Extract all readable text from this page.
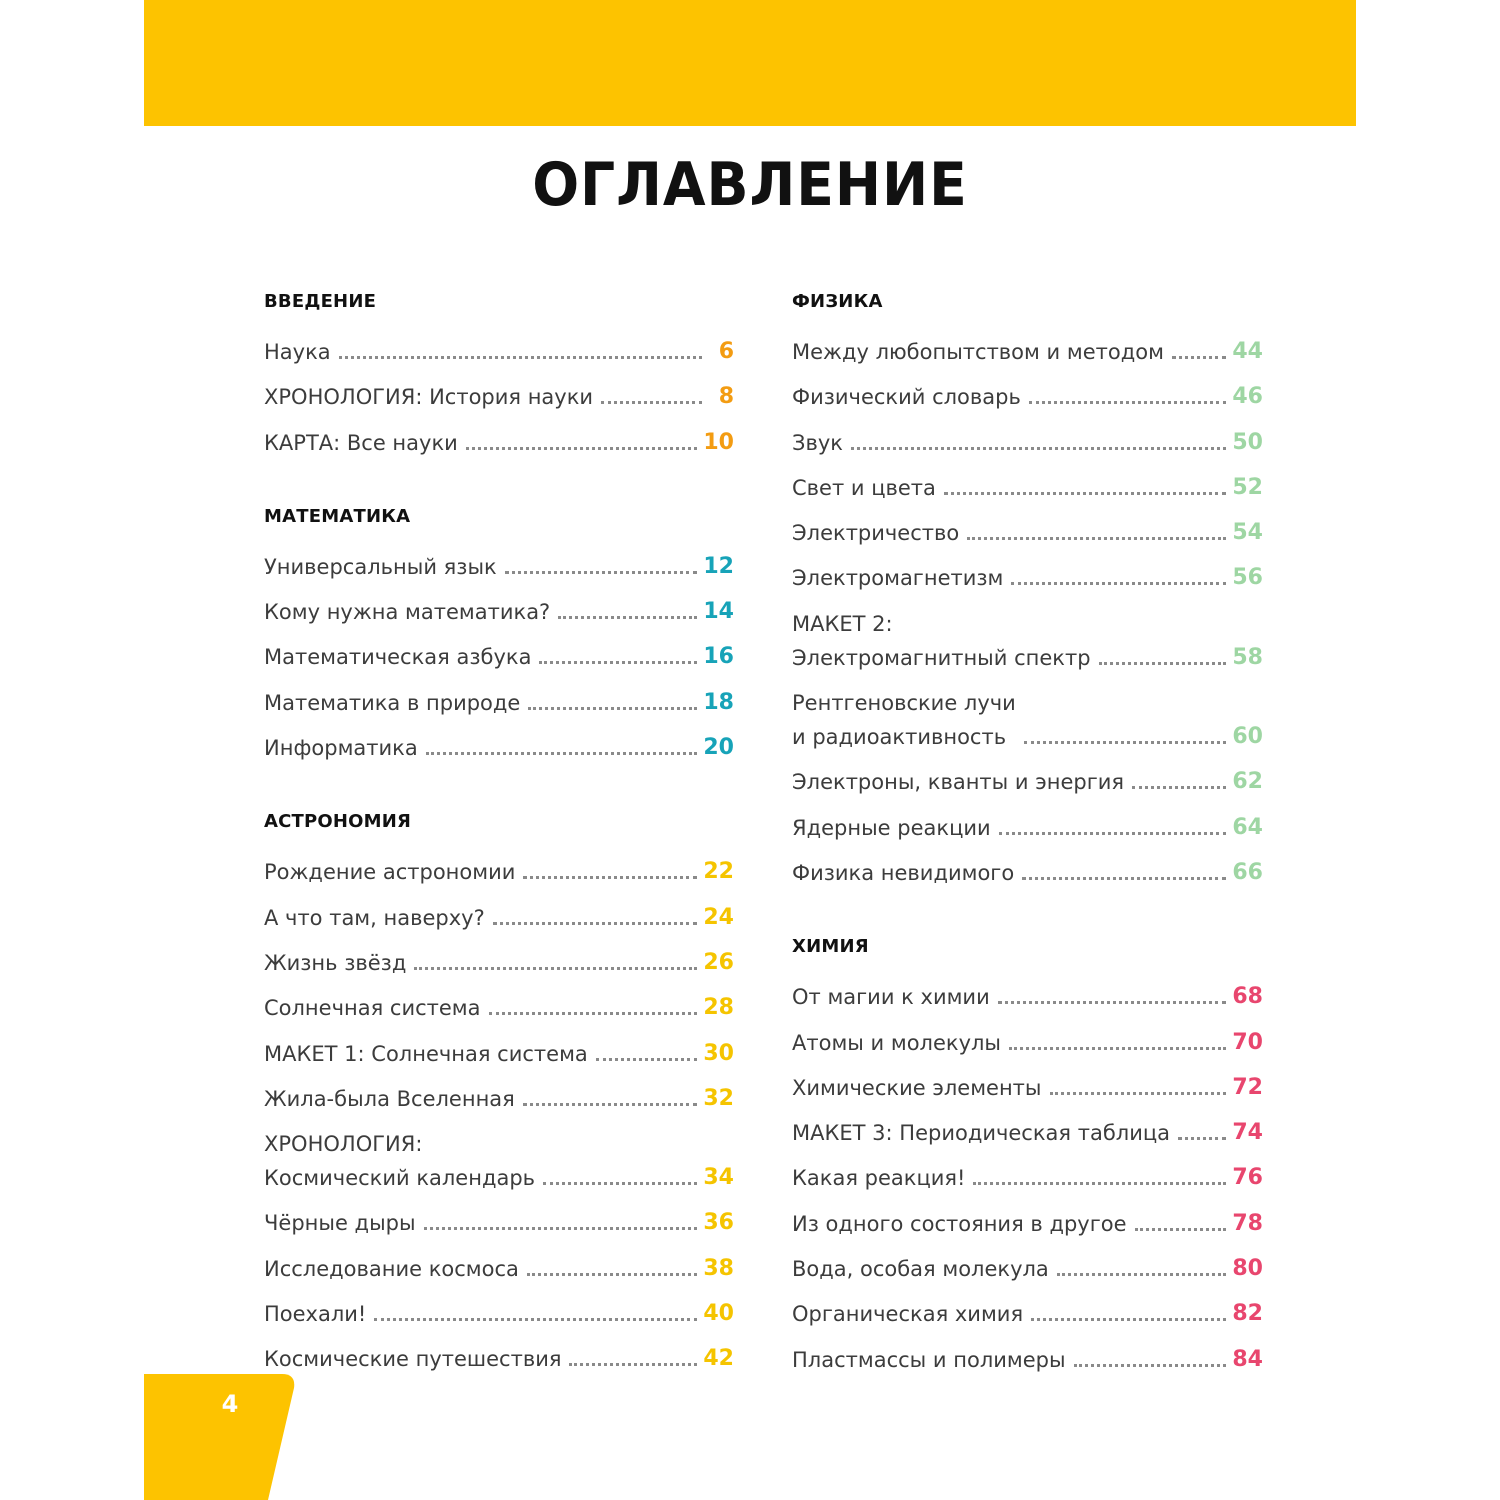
ОГЛАВЛЕНИЕ
ВВЕДЕНИЕ
Наука	6
ХРОНОЛОГИЯ: История науки	8
КАРТА: Все науки	10
МАТЕМАТИКА
Универсальный язык	12
Кому нужна математика?	14
Математическая азбука	16
Математика в природе	18
Информатика	20
АСТРОНОМИЯ
Рождение астрономии	22
А что там, наверху?	24
Жизнь звёзд	26
Солнечная система	28
МАКЕТ 1: Солнечная система	30
Жила-была Вселенная	32
ХРОНОЛОГИЯ:
Космический календарь	34
Чёрные дыры	36
Исследование космоса	38
Поехали!	40
Космические путешествия	42
ФИЗИКА
Между любопытством и методом	44
Физический словарь	46
Звук	50
Свет и цвета	52
Электричество	54
Электромагнетизм	56
МАКЕТ 2:
Электромагнитный спектр	58
Рентгеновские лучи
и радиоактивность	60
Электроны, кванты и энергия	62
Ядерные реакции	64
Физика невидимого	66
ХИМИЯ
От магии к химии	68
Атомы и молекулы	70
Химические элементы	72
МАКЕТ 3: Периодическая таблица	74
Какая реакция!	76
Из одного состояния в другое	78
Вода, особая молекула	80
Органическая химия	82
Пластмассы и полимеры	84
4
